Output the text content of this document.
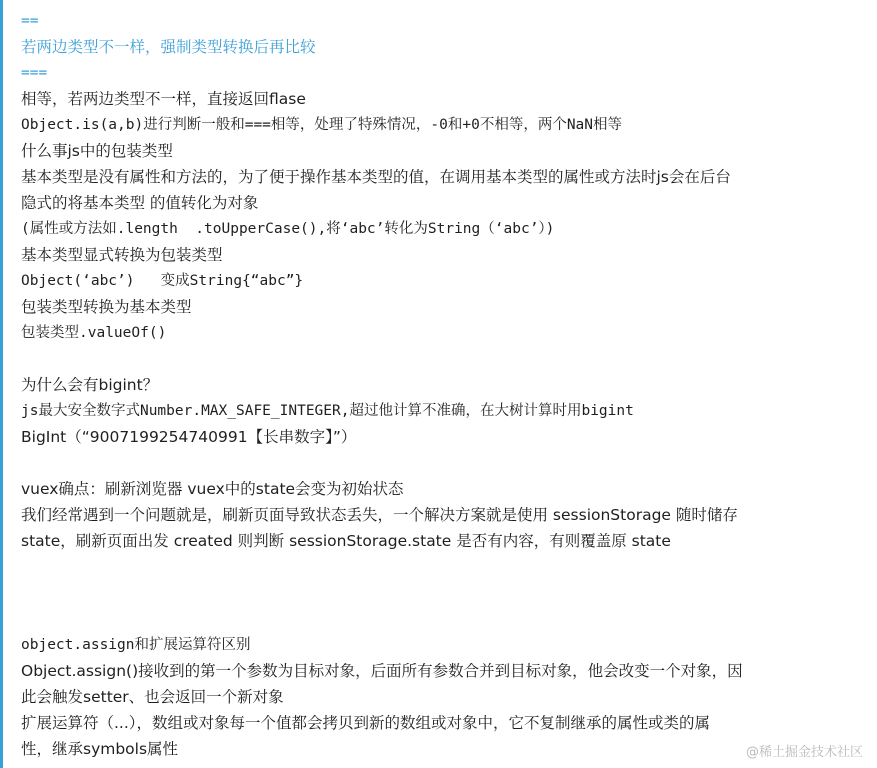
==
若两边类型不一样，强制类型转换后再比较
===
相等，若两边类型不一样，直接返回flase
Object.is(a,b)进行判断一般和===相等，处理了特殊情况，-0和+0不相等，两个NaN相等
什么事js中的包装类型
基本类型是没有属性和方法的，为了便于操作基本类型的值，在调用基本类型的属性或方法时js会在后台
隐式的将基本类型 的值转化为对象
(属性或方法如.length  .toUpperCase(),将‘abc’转化为String（‘abc’）)
基本类型显式转换为包装类型
Object(‘abc’)   变成String{“abc”}
包装类型转换为基本类型
包装类型.valueOf()
为什么会有bigint？
js最大安全数字式Number.MAX_SAFE_INTEGER,超过他计算不准确，在大树计算时用bigint
BigInt（“9007199254740991【长串数字】”）
vuex确点：刷新浏览器 vuex中的state会变为初始状态
我们经常遇到一个问题就是，刷新页面导致状态丢失，一个解决方案就是使用 sessionStorage 随时储存
state，刷新页面出发 created 则判断 sessionStorage.state 是否有内容，有则覆盖原 state
object.assign和扩展运算符区别
Object.assign()接收到的第一个参数为目标对象，后面所有参数合并到目标对象，他会改变一个对象，因
此会触发setter、也会返回一个新对象
扩展运算符（...），数组或对象每一个值都会拷贝到新的数组或对象中，它不复制继承的属性或类的属
性，继承symbols属性	@稀土掘金技术社区
